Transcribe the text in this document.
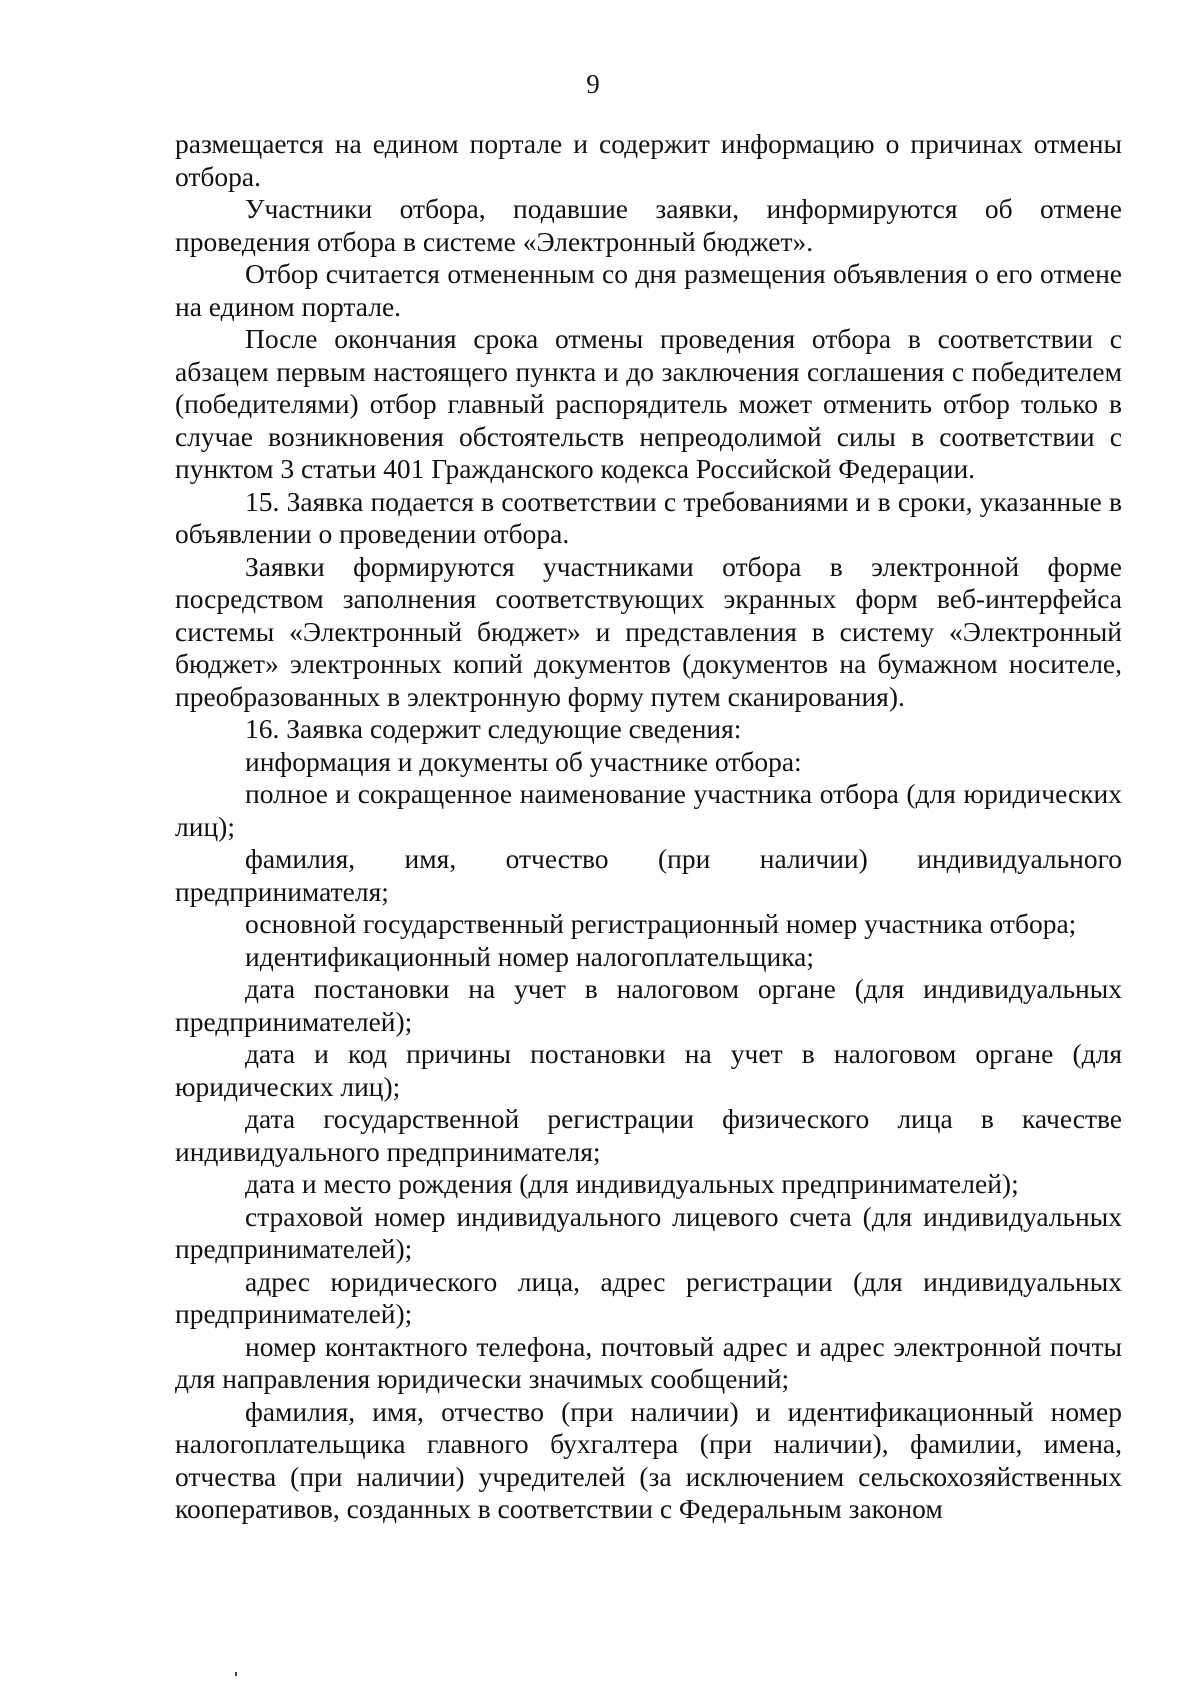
9

размещается на едином портале и содержит информацию о причинах отмены отбора.

Участники отбора, подавшие заявки, информируются об отмене проведения отбора в системе «Электронный бюджет».

Отбор считается отмененным со дня размещения объявления о его отмене на едином портале.

После окончания срока отмены проведения отбора в соответствии с абзацем первым настоящего пункта и до заключения соглашения с победителем (победителями) отбор главный распорядитель может отменить отбор только в случае возникновения обстоятельств непреодолимой силы в соответствии с пунктом 3 статьи 401 Гражданского кодекса Российской Федерации.

15. Заявка подается в соответствии с требованиями и в сроки, указанные в объявлении о проведении отбора.

Заявки формируются участниками отбора в электронной форме посредством заполнения соответствующих экранных форм веб-интерфейса системы «Электронный бюджет» и представления в систему «Электронный бюджет» электронных копий документов (документов на бумажном носителе, преобразованных в электронную форму путем сканирования).

16. Заявка содержит следующие сведения:

информация и документы об участнике отбора:

полное и сокращенное наименование участника отбора (для юридических лиц);

фамилия, имя, отчество (при наличии) индивидуального предпринимателя;

основной государственный регистрационный номер участника отбора;

идентификационный номер налогоплательщика;

дата постановки на учет в налоговом органе (для индивидуальных предпринимателей);

дата и код причины постановки на учет в налоговом органе (для юридических лиц);

дата государственной регистрации физического лица в качестве индивидуального предпринимателя;

дата и место рождения (для индивидуальных предпринимателей);

страховой номер индивидуального лицевого счета (для индивидуальных предпринимателей);

адрес юридического лица, адрес регистрации (для индивидуальных предпринимателей);

номер контактного телефона, почтовый адрес и адрес электронной почты для направления юридически значимых сообщений;

фамилия, имя, отчество (при наличии) и идентификационный номер налогоплательщика главного бухгалтера (при наличии), фамилии, имена, отчества (при наличии) учредителей (за исключением сельскохозяйственных кооперативов, созданных в соответствии с Федеральным законом
